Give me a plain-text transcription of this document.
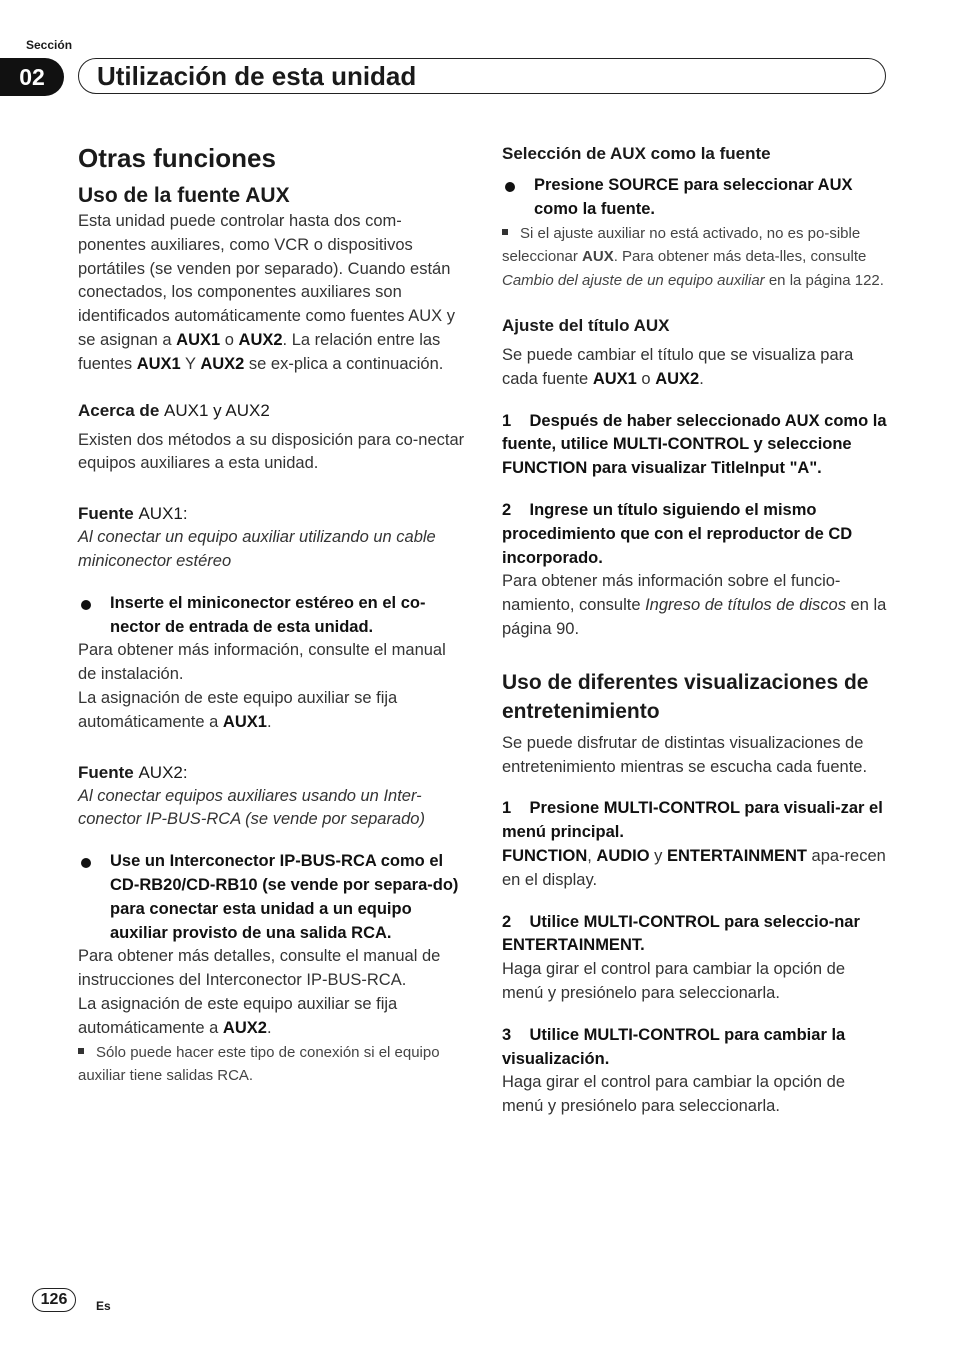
Sección
02	Utilización de esta unidad
Otras funciones
Uso de la fuente AUX

Esta unidad puede controlar hasta dos com-ponentes auxiliares, como VCR o dispositivos portátiles (se venden por separado). Cuando están conectados, los componentes auxiliares son identificados automáticamente como fuentes AUX y se asignan a AUX1 o AUX2. La relación entre las fuentes AUX1 Y AUX2 se ex-plica a continuación.

Acerca de AUX1 y AUX2

Existen dos métodos a su disposición para co-nectar equipos auxiliares a esta unidad.

Fuente AUX1:

Al conectar un equipo auxiliar utilizando un cable miniconector estéreo

Inserte el miniconector estéreo en el co-nector de entrada de esta unidad.

Para obtener más información, consulte el manual de instalación.

La asignación de este equipo auxiliar se fija automáticamente a AUX1.

Fuente AUX2:

Al conectar equipos auxiliares usando un Inter-conector IP-BUS-RCA (se vende por separado)

Use un Interconector IP-BUS-RCA como el CD-RB20/CD-RB10 (se vende por separa-do) para conectar esta unidad a un equipo auxiliar provisto de una salida RCA.

Para obtener más detalles, consulte el manual de instrucciones del Interconector IP-BUS-RCA.

La asignación de este equipo auxiliar se fija automáticamente a AUX2.

Sólo puede hacer este tipo de conexión si el equipo auxiliar tiene salidas RCA.
Selección de AUX como la fuente
Presione SOURCE para seleccionar AUX como la fuente.
Si el ajuste auxiliar no está activado, no es po-sible seleccionar AUX. Para obtener más deta-lles, consulte Cambio del ajuste de un equipo auxiliar en la página 122.
Ajuste del título AUX

Se puede cambiar el título que se visualiza para cada fuente AUX1 o AUX2.

1    Después de haber seleccionado AUX como la fuente, utilice MULTI-CONTROL y seleccione FUNCTION para visualizar TitleInput "A".

2    Ingrese un título siguiendo el mismo procedimiento que con el reproductor de CD incorporado.

Para obtener más información sobre el funcio-namiento, consulte Ingreso de títulos de discos en la página 90.

Uso de diferentes visualizaciones de entretenimiento

Se puede disfrutar de distintas visualizaciones de entretenimiento mientras se escucha cada fuente.

1    Presione MULTI-CONTROL para visuali-zar el menú principal.

FUNCTION, AUDIO y ENTERTAINMENT apa-recen en el display.

2    Utilice MULTI-CONTROL para seleccio-nar ENTERTAINMENT.

Haga girar el control para cambiar la opción de menú y presiónelo para seleccionarla.

3    Utilice MULTI-CONTROL para cambiar la visualización.

Haga girar el control para cambiar la opción de menú y presiónelo para seleccionarla.

126	Es
